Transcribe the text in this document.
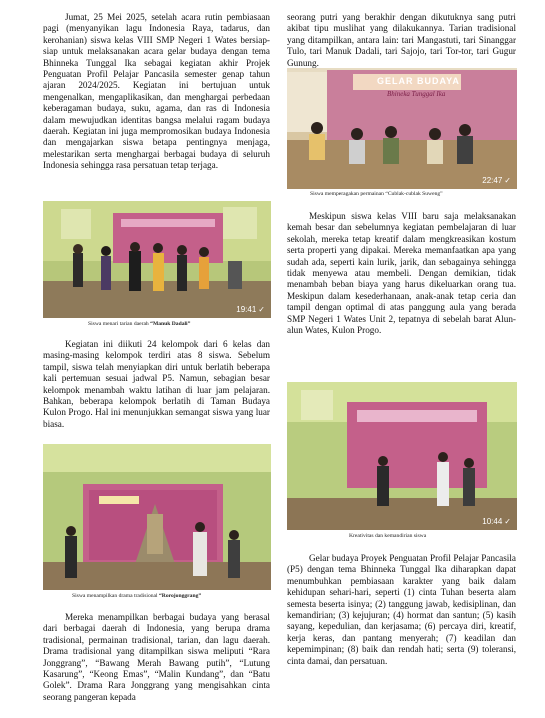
Jumat, 25 Mei 2025, setelah acara rutin pembiasaan pagi (menyanyikan lagu Indonesia Raya, tadarus, dan kerohanian) siswa kelas VIII SMP Negeri 1 Wates bersiap-siap untuk melaksanakan acara gelar budaya dengan tema Bhinneka Tunggal Ika sebagai kegiatan akhir Projek Penguatan Profil Pelajar Pancasila semester genap tahun ajaran 2024/2025. Kegiatan ini bertujuan untuk mengenalkan, mengaplikasikan, dan menghargai perbedaan keberagaman budaya, suku, agama, dan ras di Indonesia dalam mewujudkan identitas bangsa melalui ragam budaya daerah. Kegiatan ini juga mempromosikan budaya Indonesia dan mengajarkan siswa betapa pentingnya menjaga, melestarikan serta menghargai berbagai budaya di seluruh Indonesia sehingga rasa persatuan tetap terjaga.

19:41 ✓
Siswa menari tarian daerah “Manuk Dadali”

Kegiatan ini diikuti 24 kelompok dari 6 kelas dan masing-masing kelompok terdiri atas 8 siswa. Sebelum tampil, siswa telah menyiapkan diri untuk berlatih beberapa kali pertemuan sesuai jadwal P5. Namun, sebagian besar kelompok menambah waktu latihan di luar jam pelajaran. Bahkan, beberapa kelompok berlatih di Taman Budaya Kulon Progo. Hal ini menunjukkan semangat siswa yang luar biasa.

Siswa menampilkan drama tradisional “Rorojonggrang”

Mereka menampilkan berbagai budaya yang berasal dari berbagai daerah di Indonesia, yang berupa drama tradisional, permainan tradisional, tarian, dan lagu daerah. Drama tradisional yang ditampilkan siswa meliputi “Rara Jonggrang”, “Bawang Merah Bawang putih”, “Lutung Kasarung”, “Keong Emas”, “Malin Kundang”, dan “Batu Golek”. Drama Rara Jonggrang yang mengisahkan cinta seorang pangeran kepada

seorang putri yang berakhir dengan dikutuknya sang putri akibat tipu muslihat yang dilakukannya. Tarian tradisional yang ditampilkan, antara lain: tari Mangastuti, tari Sinanggar Tulo, tari Manuk Dadali, tari Sajojo, tari Tor-tor, tari Gugur Gunung.

GELAR BUDAYA
Bhineka Tunggal Ika
22:47 ✓
Siswa memperagakan permainan “Cublak-cublak Suweng”

Meskipun siswa kelas VIII baru saja melaksanakan kemah besar dan sebelumnya kegiatan pembelajaran di luar sekolah, mereka tetap kreatif dalam mengkreasikan kostum serta properti yang dipakai. Mereka memanfaatkan apa yang sudah ada, seperti kain lurik, jarik, dan sebagainya sehingga tidak menyewa atau membeli. Dengan demikian, tidak menambah beban biaya yang harus dikeluarkan orang tua. Meskipun dalam kesederhanaan, anak-anak tetap ceria dan tampil dengan optimal di atas panggung aula yang berada SMP Negeri 1 Wates Unit 2, tepatnya di sebelah barat Alun-alun Wates, Kulon Progo.

10:44 ✓
Kreativitas dan kemandirian siswa

Gelar budaya Proyek Penguatan Profil Pelajar Pancasila (P5) dengan tema Bhinneka Tunggal Ika diharapkan dapat menumbuhkan pembiasaan karakter yang baik dalam kehidupan sehari-hari, seperti (1) cinta Tuhan beserta alam semesta beserta isinya; (2) tanggung jawab, kedisiplinan, dan kemandirian; (3) kejujuran; (4) hormat dan santun; (5) kasih sayang, kepedulian, dan kerjasama; (6) percaya diri, kreatif, kerja keras, dan pantang menyerah; (7) keadilan dan kepemimpinan; (8) baik dan rendah hati; serta (9) toleransi, cinta damai, dan persatuan.
